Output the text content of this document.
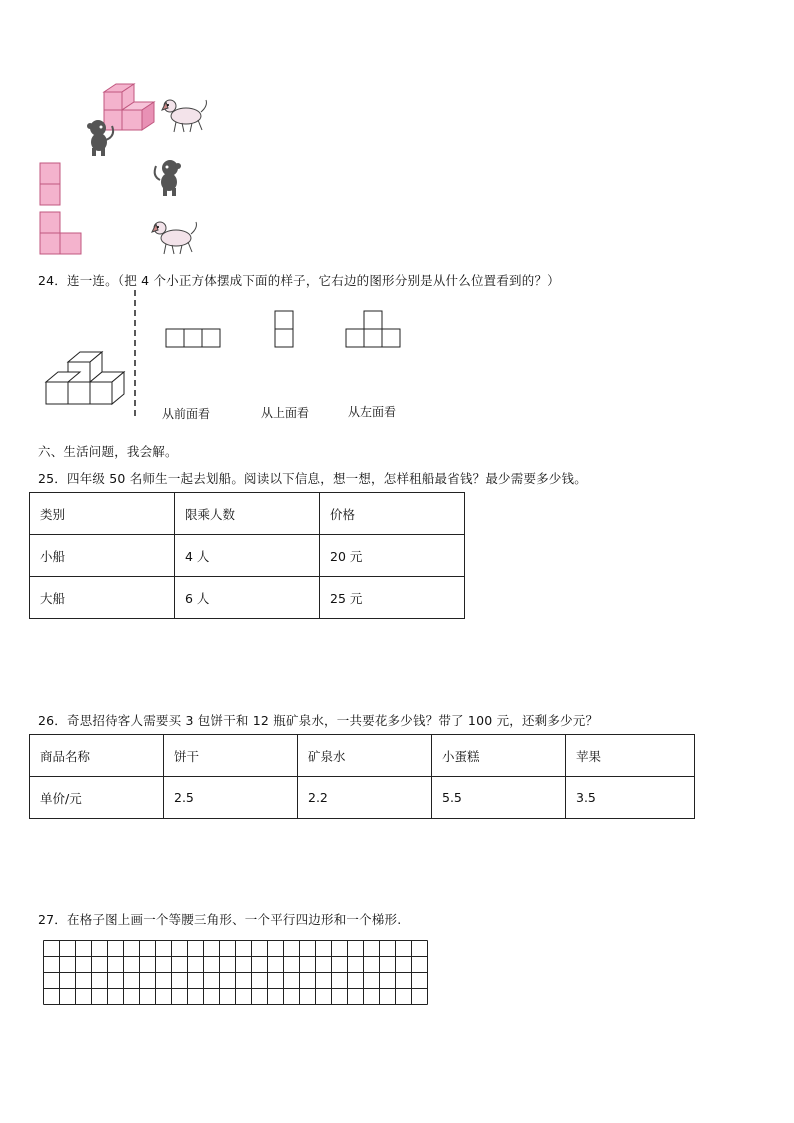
24．连一连。（把 4 个小正方体摆成下面的样子，它右边的图形分别是从什么位置看到的？）
从前面看	从上面看	从左面看
六、生活问题，我会解。
25．四年级 50 名师生一起去划船。阅读以下信息，想一想，怎样租船最省钱？最少需要多少钱。
类别	限乘人数	价格
小船	4 人	20 元
大船	6 人	25 元
26．奇思招待客人需要买 3 包饼干和 12 瓶矿泉水，一共要花多少钱？带了 100 元，还剩多少元？
商品名称	饼干	矿泉水	小蛋糕	苹果
单价/元	2.5	2.2	5.5	3.5
27．在格子图上画一个等腰三角形、一个平行四边形和一个梯形.
